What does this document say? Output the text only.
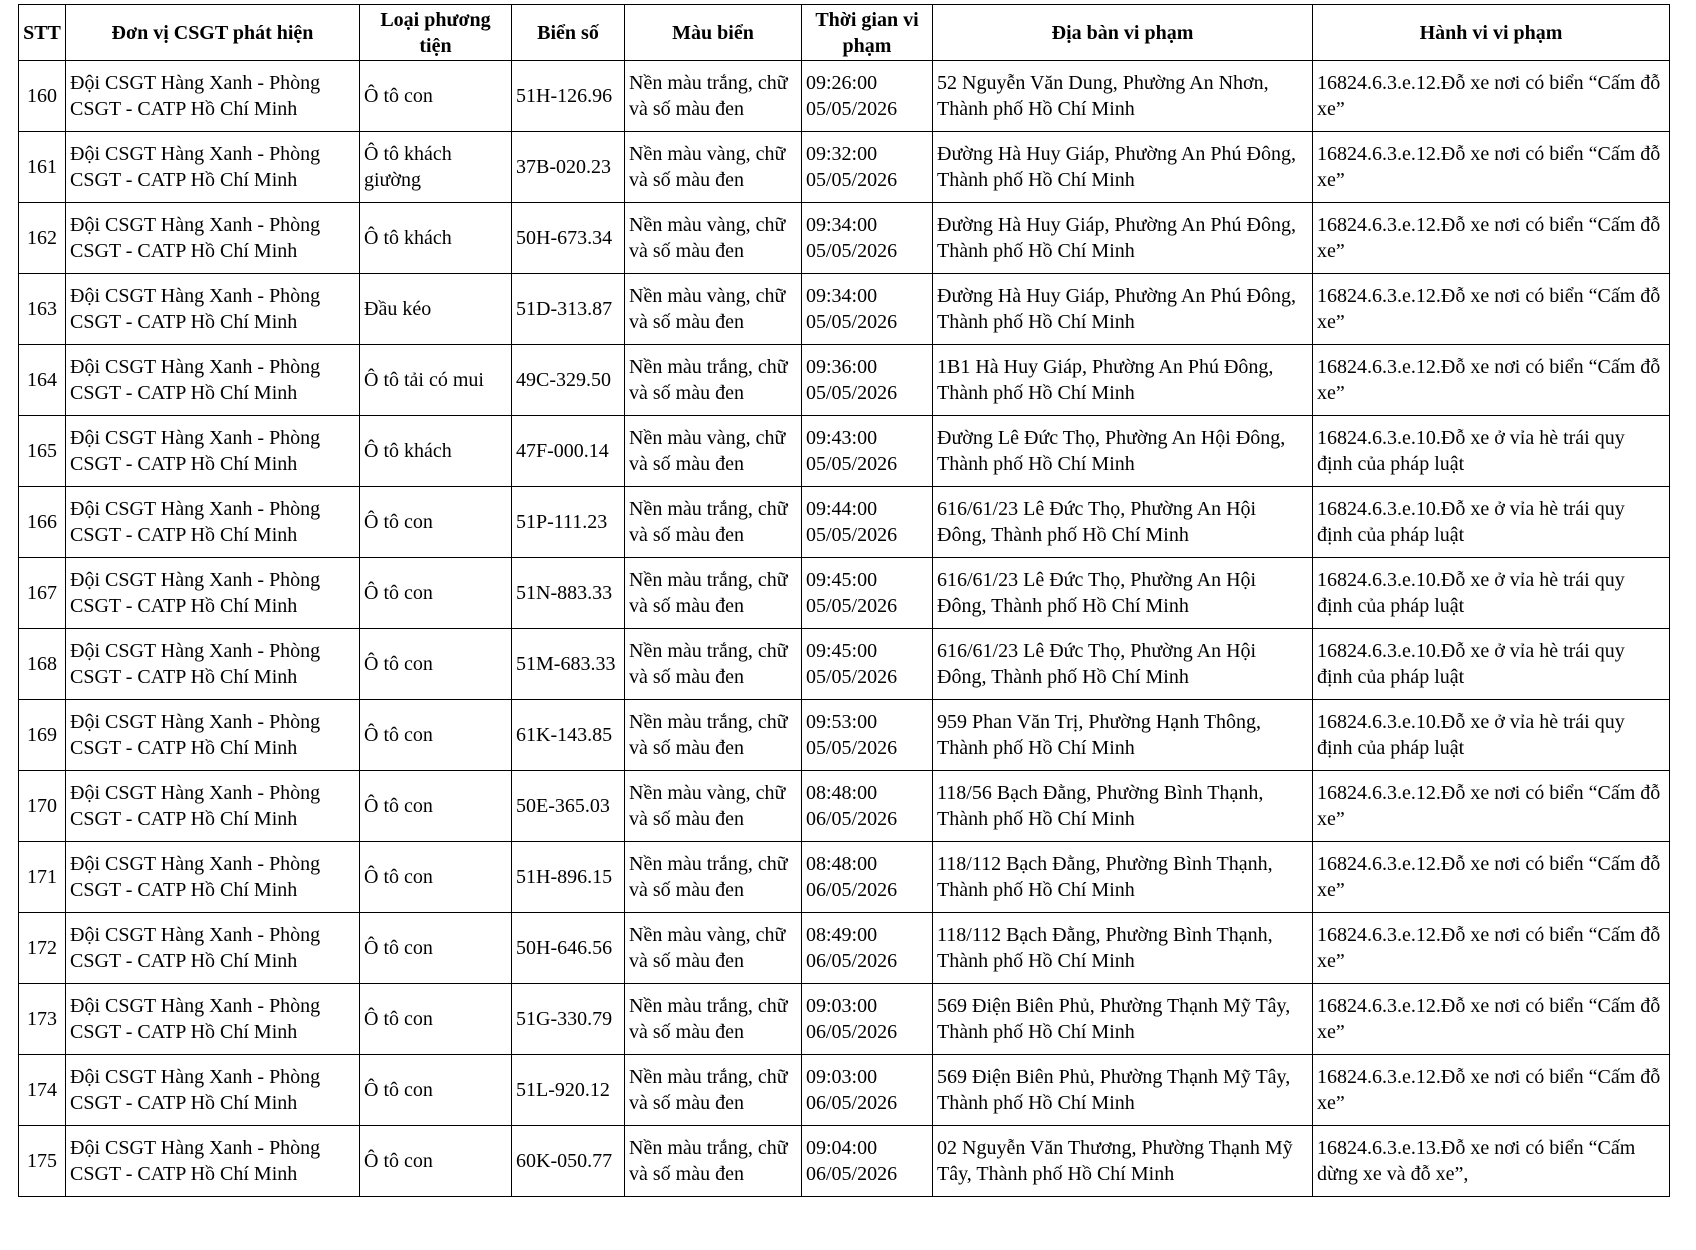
STT	Đơn vị CSGT phát hiện	Loại phương tiện	Biển số	Màu biển	Thời gian vi phạm	Địa bàn vi phạm	Hành vi vi phạm
160	Đội CSGT Hàng Xanh - Phòng CSGT - CATP Hồ Chí Minh	Ô tô con	51H-126.96	Nền màu trắng, chữ và số màu đen	09:26:00 05/05/2026	52 Nguyễn Văn Dung, Phường An Nhơn, Thành phố Hồ Chí Minh	16824.6.3.e.12.Đỗ xe nơi có biển “Cấm đỗ xe”
161	Đội CSGT Hàng Xanh - Phòng CSGT - CATP Hồ Chí Minh	Ô tô khách giường	37B-020.23	Nền màu vàng, chữ và số màu đen	09:32:00 05/05/2026	Đường Hà Huy Giáp, Phường An Phú Đông, Thành phố Hồ Chí Minh	16824.6.3.e.12.Đỗ xe nơi có biển “Cấm đỗ xe”
162	Đội CSGT Hàng Xanh - Phòng CSGT - CATP Hồ Chí Minh	Ô tô khách	50H-673.34	Nền màu vàng, chữ và số màu đen	09:34:00 05/05/2026	Đường Hà Huy Giáp, Phường An Phú Đông, Thành phố Hồ Chí Minh	16824.6.3.e.12.Đỗ xe nơi có biển “Cấm đỗ xe”
163	Đội CSGT Hàng Xanh - Phòng CSGT - CATP Hồ Chí Minh	Đầu kéo	51D-313.87	Nền màu vàng, chữ và số màu đen	09:34:00 05/05/2026	Đường Hà Huy Giáp, Phường An Phú Đông, Thành phố Hồ Chí Minh	16824.6.3.e.12.Đỗ xe nơi có biển “Cấm đỗ xe”
164	Đội CSGT Hàng Xanh - Phòng CSGT - CATP Hồ Chí Minh	Ô tô tải có mui	49C-329.50	Nền màu trắng, chữ và số màu đen	09:36:00 05/05/2026	1B1 Hà Huy Giáp, Phường An Phú Đông, Thành phố Hồ Chí Minh	16824.6.3.e.12.Đỗ xe nơi có biển “Cấm đỗ xe”
165	Đội CSGT Hàng Xanh - Phòng CSGT - CATP Hồ Chí Minh	Ô tô khách	47F-000.14	Nền màu vàng, chữ và số màu đen	09:43:00 05/05/2026	Đường Lê Đức Thọ, Phường An Hội Đông, Thành phố Hồ Chí Minh	16824.6.3.e.10.Đỗ xe ở vỉa hè trái quy định của pháp luật
166	Đội CSGT Hàng Xanh - Phòng CSGT - CATP Hồ Chí Minh	Ô tô con	51P-111.23	Nền màu trắng, chữ và số màu đen	09:44:00 05/05/2026	616/61/23 Lê Đức Thọ, Phường An Hội Đông, Thành phố Hồ Chí Minh	16824.6.3.e.10.Đỗ xe ở vỉa hè trái quy định của pháp luật
167	Đội CSGT Hàng Xanh - Phòng CSGT - CATP Hồ Chí Minh	Ô tô con	51N-883.33	Nền màu trắng, chữ và số màu đen	09:45:00 05/05/2026	616/61/23 Lê Đức Thọ, Phường An Hội Đông, Thành phố Hồ Chí Minh	16824.6.3.e.10.Đỗ xe ở vỉa hè trái quy định của pháp luật
168	Đội CSGT Hàng Xanh - Phòng CSGT - CATP Hồ Chí Minh	Ô tô con	51M-683.33	Nền màu trắng, chữ và số màu đen	09:45:00 05/05/2026	616/61/23 Lê Đức Thọ, Phường An Hội Đông, Thành phố Hồ Chí Minh	16824.6.3.e.10.Đỗ xe ở vỉa hè trái quy định của pháp luật
169	Đội CSGT Hàng Xanh - Phòng CSGT - CATP Hồ Chí Minh	Ô tô con	61K-143.85	Nền màu trắng, chữ và số màu đen	09:53:00 05/05/2026	959 Phan Văn Trị, Phường Hạnh Thông, Thành phố Hồ Chí Minh	16824.6.3.e.10.Đỗ xe ở vỉa hè trái quy định của pháp luật
170	Đội CSGT Hàng Xanh - Phòng CSGT - CATP Hồ Chí Minh	Ô tô con	50E-365.03	Nền màu vàng, chữ và số màu đen	08:48:00 06/05/2026	118/56 Bạch Đằng, Phường Bình Thạnh, Thành phố Hồ Chí Minh	16824.6.3.e.12.Đỗ xe nơi có biển “Cấm đỗ xe”
171	Đội CSGT Hàng Xanh - Phòng CSGT - CATP Hồ Chí Minh	Ô tô con	51H-896.15	Nền màu trắng, chữ và số màu đen	08:48:00 06/05/2026	118/112 Bạch Đằng, Phường Bình Thạnh, Thành phố Hồ Chí Minh	16824.6.3.e.12.Đỗ xe nơi có biển “Cấm đỗ xe”
172	Đội CSGT Hàng Xanh - Phòng CSGT - CATP Hồ Chí Minh	Ô tô con	50H-646.56	Nền màu vàng, chữ và số màu đen	08:49:00 06/05/2026	118/112 Bạch Đằng, Phường Bình Thạnh, Thành phố Hồ Chí Minh	16824.6.3.e.12.Đỗ xe nơi có biển “Cấm đỗ xe”
173	Đội CSGT Hàng Xanh - Phòng CSGT - CATP Hồ Chí Minh	Ô tô con	51G-330.79	Nền màu trắng, chữ và số màu đen	09:03:00 06/05/2026	569 Điện Biên Phủ, Phường Thạnh Mỹ Tây, Thành phố Hồ Chí Minh	16824.6.3.e.12.Đỗ xe nơi có biển “Cấm đỗ xe”
174	Đội CSGT Hàng Xanh - Phòng CSGT - CATP Hồ Chí Minh	Ô tô con	51L-920.12	Nền màu trắng, chữ và số màu đen	09:03:00 06/05/2026	569 Điện Biên Phủ, Phường Thạnh Mỹ Tây, Thành phố Hồ Chí Minh	16824.6.3.e.12.Đỗ xe nơi có biển “Cấm đỗ xe”
175	Đội CSGT Hàng Xanh - Phòng CSGT - CATP Hồ Chí Minh	Ô tô con	60K-050.77	Nền màu trắng, chữ và số màu đen	09:04:00 06/05/2026	02 Nguyễn Văn Thương, Phường Thạnh Mỹ Tây, Thành phố Hồ Chí Minh	16824.6.3.e.13.Đỗ xe nơi có biển “Cấm dừng xe và đỗ xe”,
